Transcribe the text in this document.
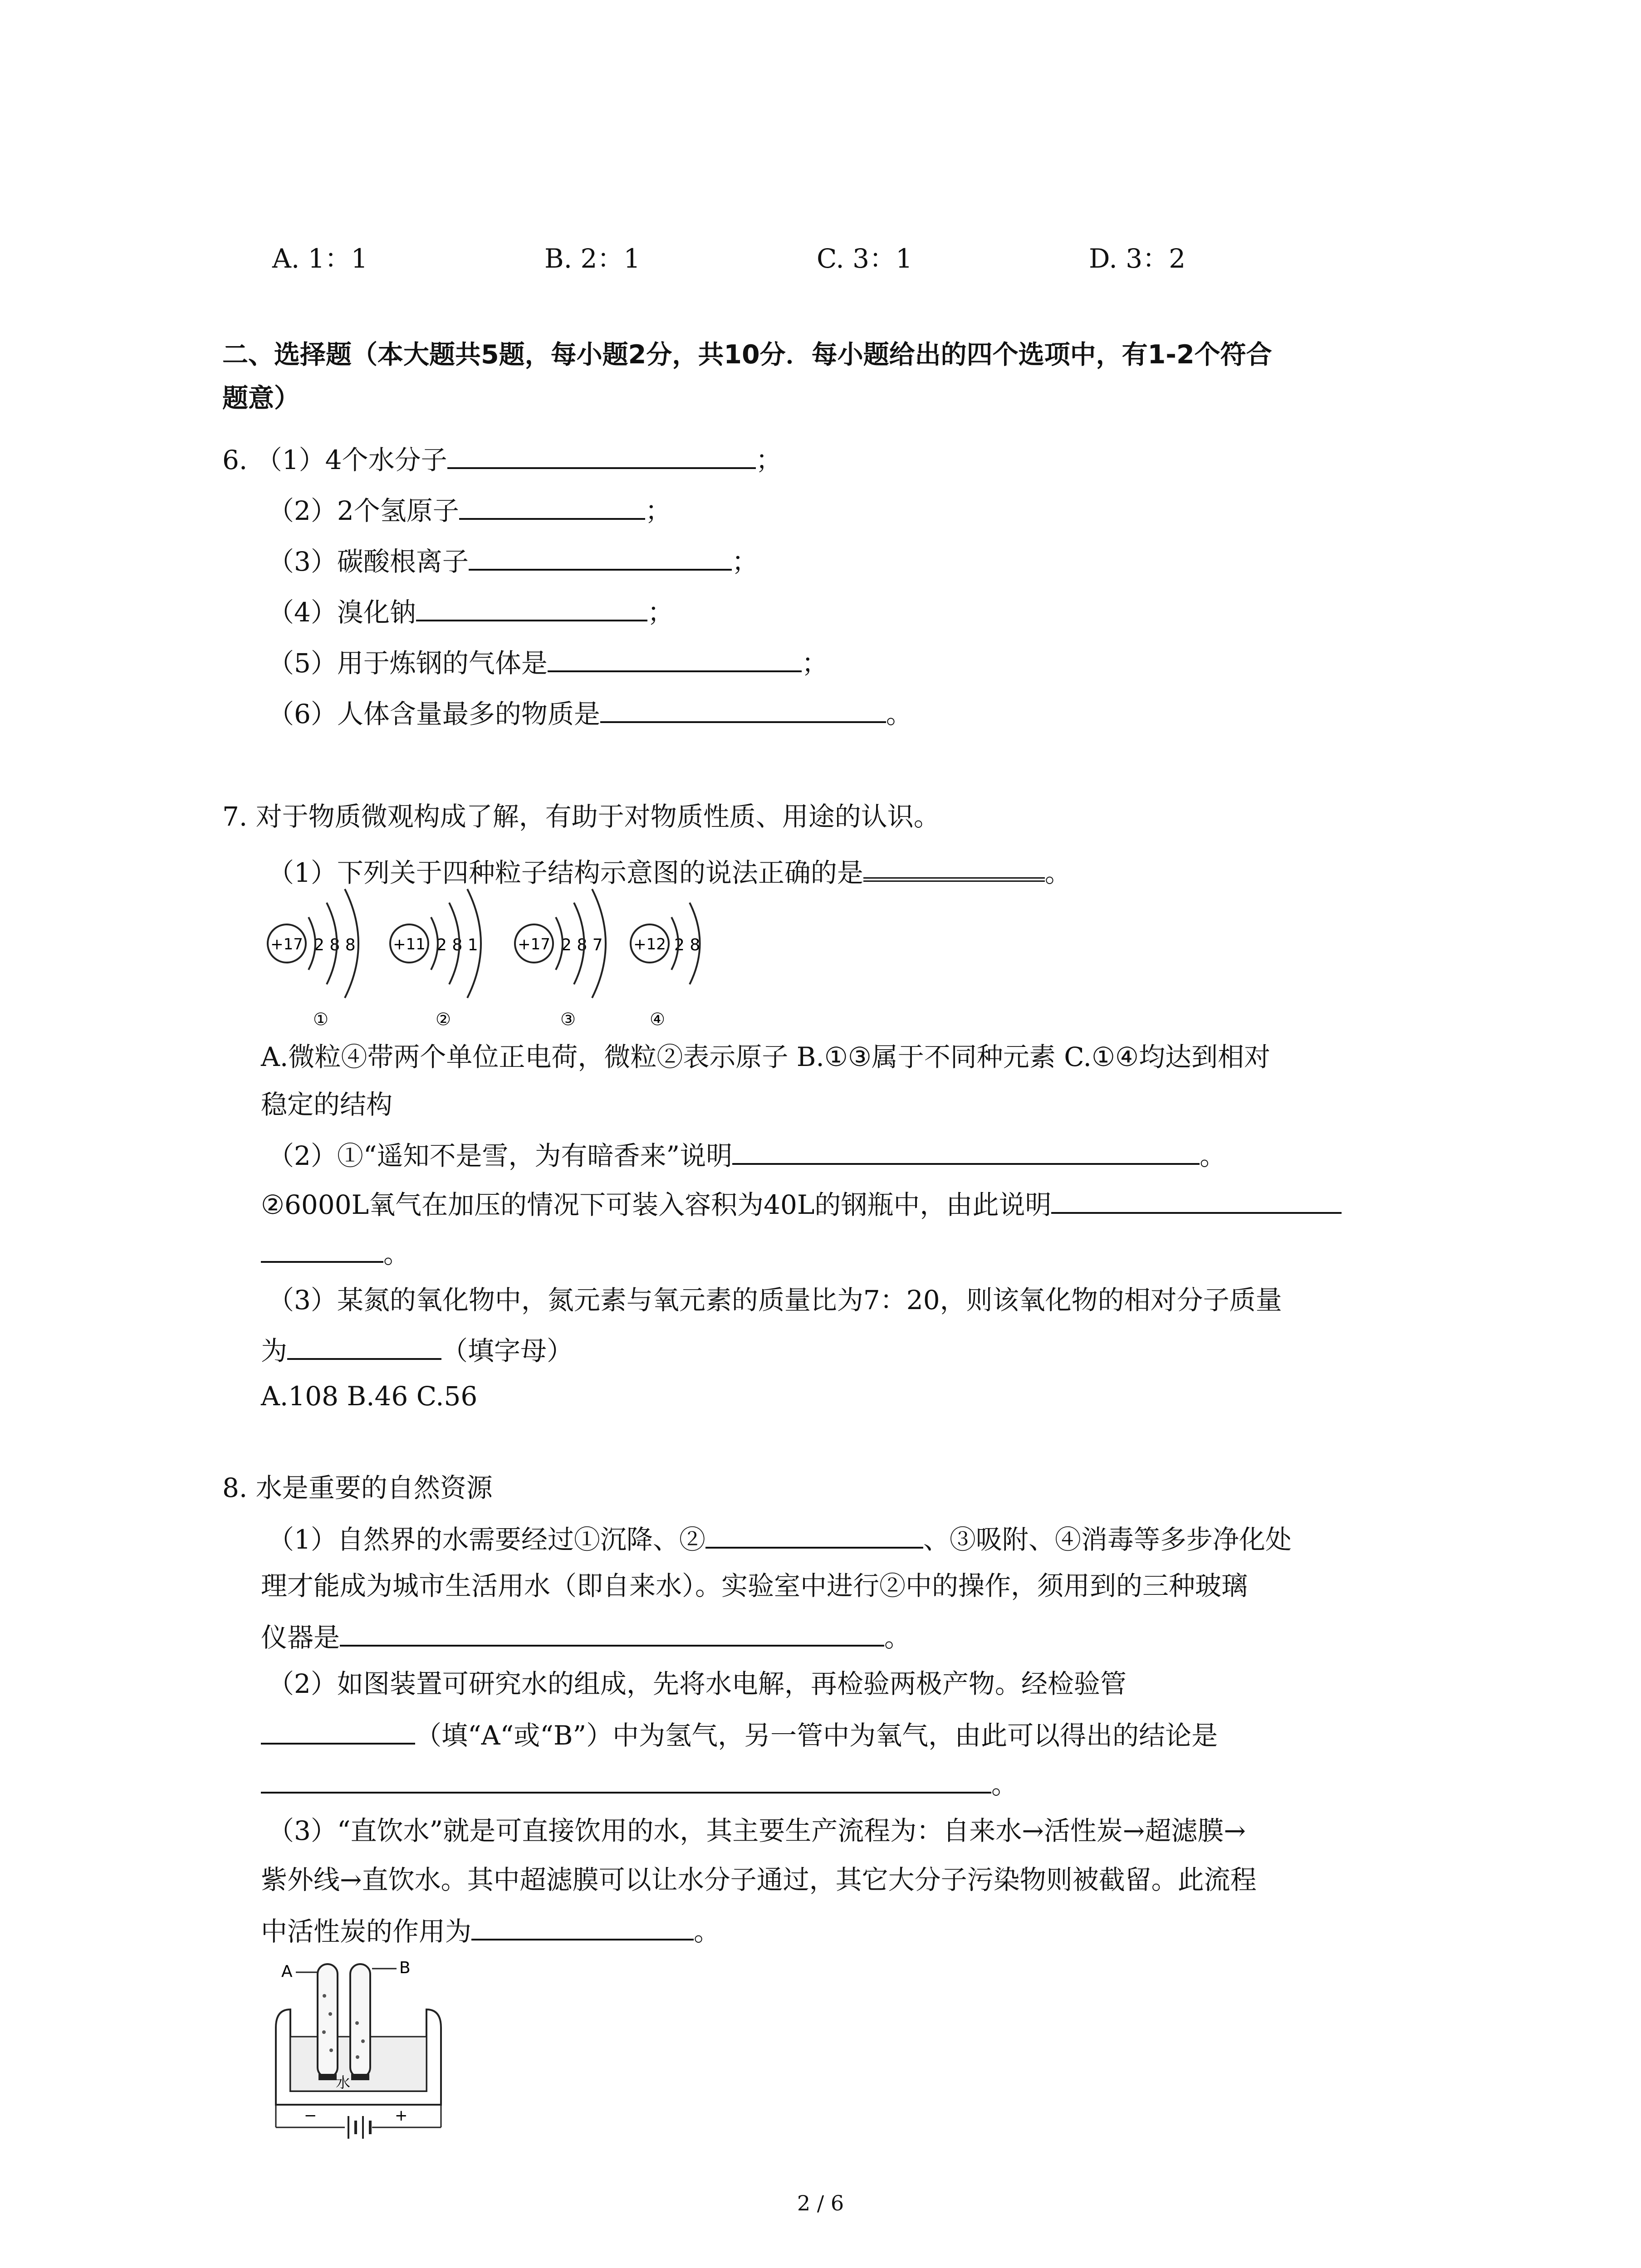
A. 1：1	B. 2：1	C. 3：1	D. 3：2
二、选择题（本大题共5题，每小题2分，共10分．每小题给出的四个选项中，有1-2个符合
题意）
6. （1）4个水分子	；
（2）2个氢原子	；
（3）碳酸根离子	；
（4）溴化钠	；
（5）用于炼钢的气体是	；
（6）人体含量最多的物质是	。
7. 对于物质微观构成了解，有助于对物质性质、用途的认识。
（1）下列关于四种粒子结构示意图的说法正确的是	。
+17 2 8 8
①
+11 2 8 1
②
+17 2 8 7
③
+12 2 8
④
A.微粒④带两个单位正电荷，微粒②表示原子 B.①③属于不同种元素 C.①④均达到相对
稳定的结构
（2）①“遥知不是雪，为有暗香来”说明	。
②6000L氧气在加压的情况下可装入容积为40L的钢瓶中，由此说明
。
（3）某氮的氧化物中，氮元素与氧元素的质量比为7：20，则该氧化物的相对分子质量
为	（填字母）
A.108 B.46 C.56
8. 水是重要的自然资源
（1）自然界的水需要经过①沉降、②	、③吸附、④消毒等多步净化处
理才能成为城市生活用水（即自来水）。实验室中进行②中的操作，须用到的三种玻璃
仪器是	。
（2）如图装置可研究水的组成，先将水电解，再检验两极产物。经检验管
（填“A“或“B”）中为氢气，另一管中为氧气，由此可以得出的结论是
。
（3）“直饮水”就是可直接饮用的水，其主要生产流程为：自来水→活性炭→超滤膜→
紫外线→直饮水。其中超滤膜可以让水分子通过，其它大分子污染物则被截留。此流程
中活性炭的作用为	。
A	B
水
−	+
2 / 6
